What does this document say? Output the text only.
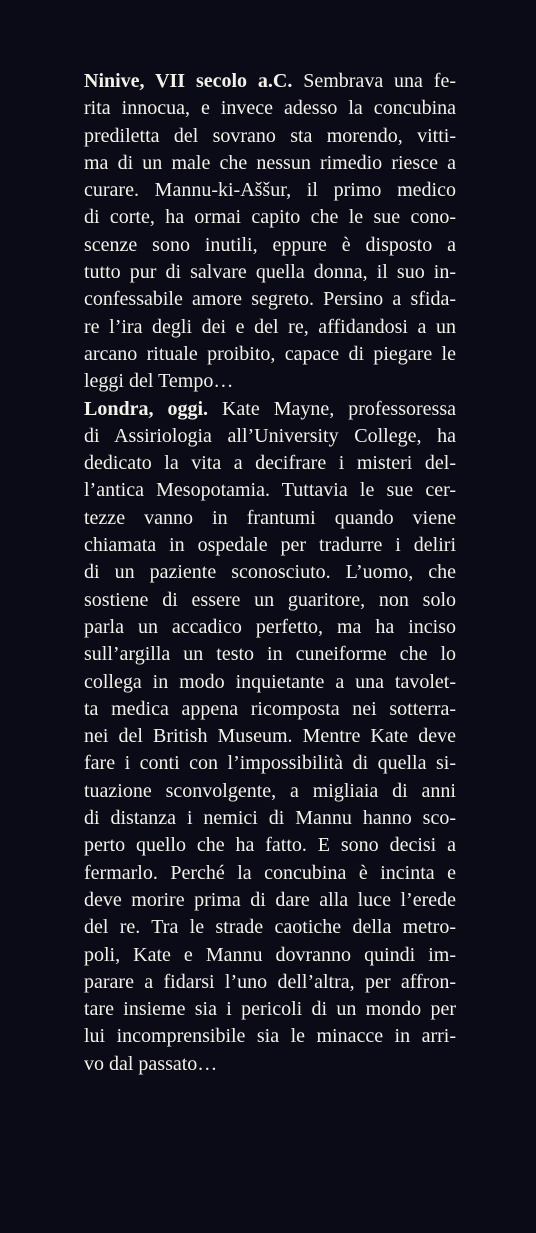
Ninive, VII secolo a.C. Sembrava una fe-
rita innocua, e invece adesso la concubina
prediletta del sovrano sta morendo, vitti-
ma di un male che nessun rimedio riesce a
curare. Mannu-ki-Aššur, il primo medico
di corte, ha ormai capito che le sue cono-
scenze sono inutili, eppure è disposto a
tutto pur di salvare quella donna, il suo in-
confessabile amore segreto. Persino a sfida-
re l’ira degli dei e del re, affidandosi a un
arcano rituale proibito, capace di piegare le
leggi del Tempo…
Londra, oggi. Kate Mayne, professoressa
di Assiriologia all’University College, ha
dedicato la vita a decifrare i misteri del-
l’antica Mesopotamia. Tuttavia le sue cer-
tezze vanno in frantumi quando viene
chiamata in ospedale per tradurre i deliri
di un paziente sconosciuto. L’uomo, che
sostiene di essere un guaritore, non solo
parla un accadico perfetto, ma ha inciso
sull’argilla un testo in cuneiforme che lo
collega in modo inquietante a una tavolet-
ta medica appena ricomposta nei sotterra-
nei del British Museum. Mentre Kate deve
fare i conti con l’impossibilità di quella si-
tuazione sconvolgente, a migliaia di anni
di distanza i nemici di Mannu hanno sco-
perto quello che ha fatto. E sono decisi a
fermarlo. Perché la concubina è incinta e
deve morire prima di dare alla luce l’erede
del re. Tra le strade caotiche della metro-
poli, Kate e Mannu dovranno quindi im-
parare a fidarsi l’uno dell’altra, per affron-
tare insieme sia i pericoli di un mondo per
lui incomprensibile sia le minacce in arri-
vo dal passato…
